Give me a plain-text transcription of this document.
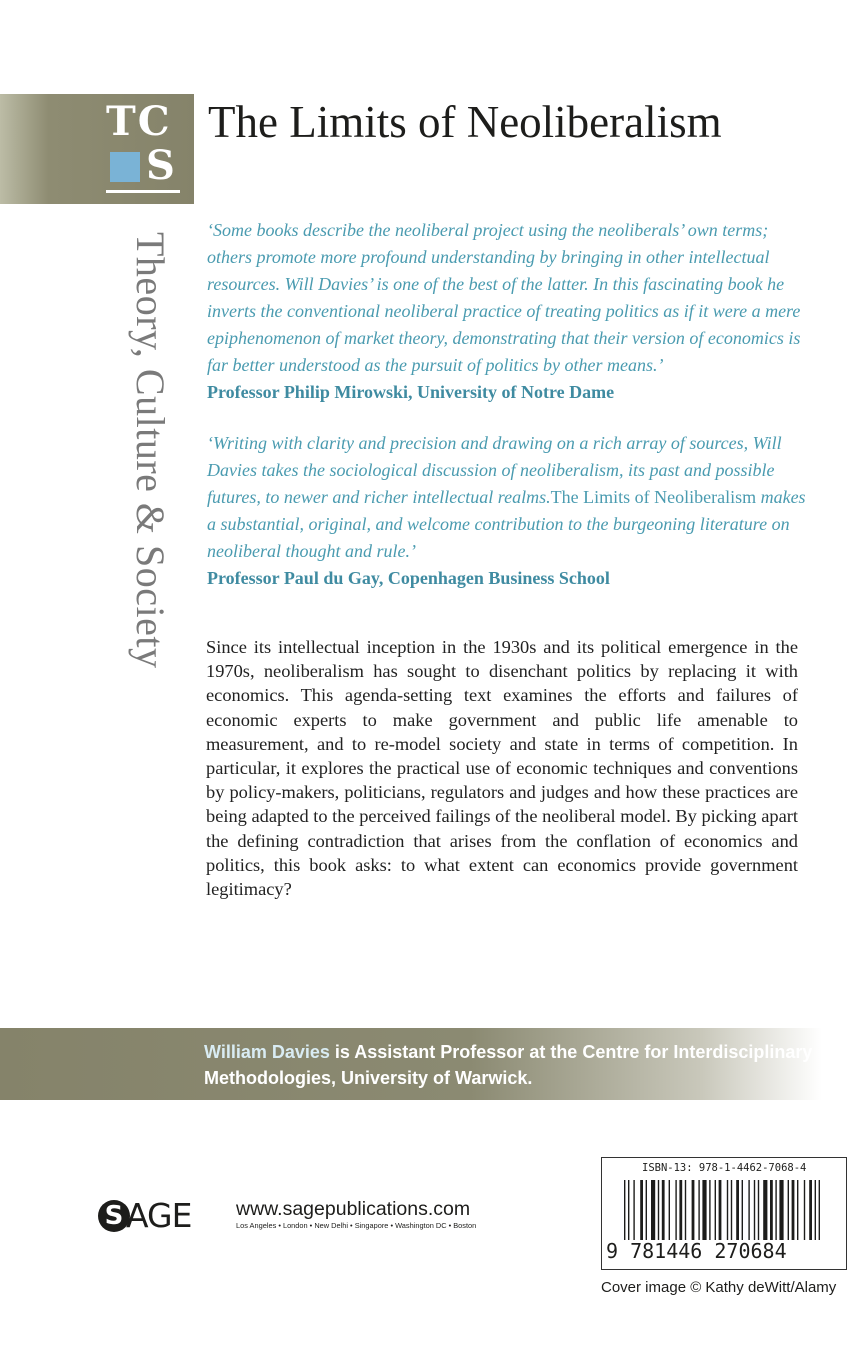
TC
S
The Limits of Neoliberalism
Theory, Culture & Society
‘Some books describe the neoliberal project using the neoliberals’ own terms; others promote more profound understanding by bringing in other intellectual resources. Will Davies’ is one of the best of the latter. In this fascinating book he inverts the conventional neoliberal practice of treating politics as if it were a mere epiphenomenon of market theory, demonstrating that their version of economics is far better understood as the pursuit of politics by other means.’
Professor Philip Mirowski, University of Notre Dame
‘Writing with clarity and precision and drawing on a rich array of sources, Will Davies takes the sociological discussion of neoliberalism, its past and possible futures, to newer and richer intellectual realms.The Limits of Neoliberalism makes a substantial, original, and welcome contribution to the burgeoning literature on neoliberal thought and rule.’
Professor Paul du Gay, Copenhagen Business School
Since its intellectual inception in the 1930s and its political emergence in the 1970s, neoliberalism has sought to disenchant politics by replacing it with economics. This agenda-setting text examines the efforts and failures of economic experts to make government and public life amenable to measurement, and to re-model society and state in terms of competition. In particular, it explores the practical use of economic techniques and conventions by policy-makers, politicians, regulators and judges and how these practices are being adapted to the perceived failings of the neoliberal model. By picking apart the defining contradiction that arises from the conflation of economics and politics, this book asks: to what extent can economics provide government legitimacy?
William Davies is Assistant Professor at the Centre for Interdisciplinary Methodologies, University of Warwick.
S AGE www.sagepublications.com
Los Angeles • London • New Delhi • Singapore • Washington DC • Boston
ISBN-13: 978-1-4462-7068-4
9 781446 270684
Cover image © Kathy deWitt/Alamy
